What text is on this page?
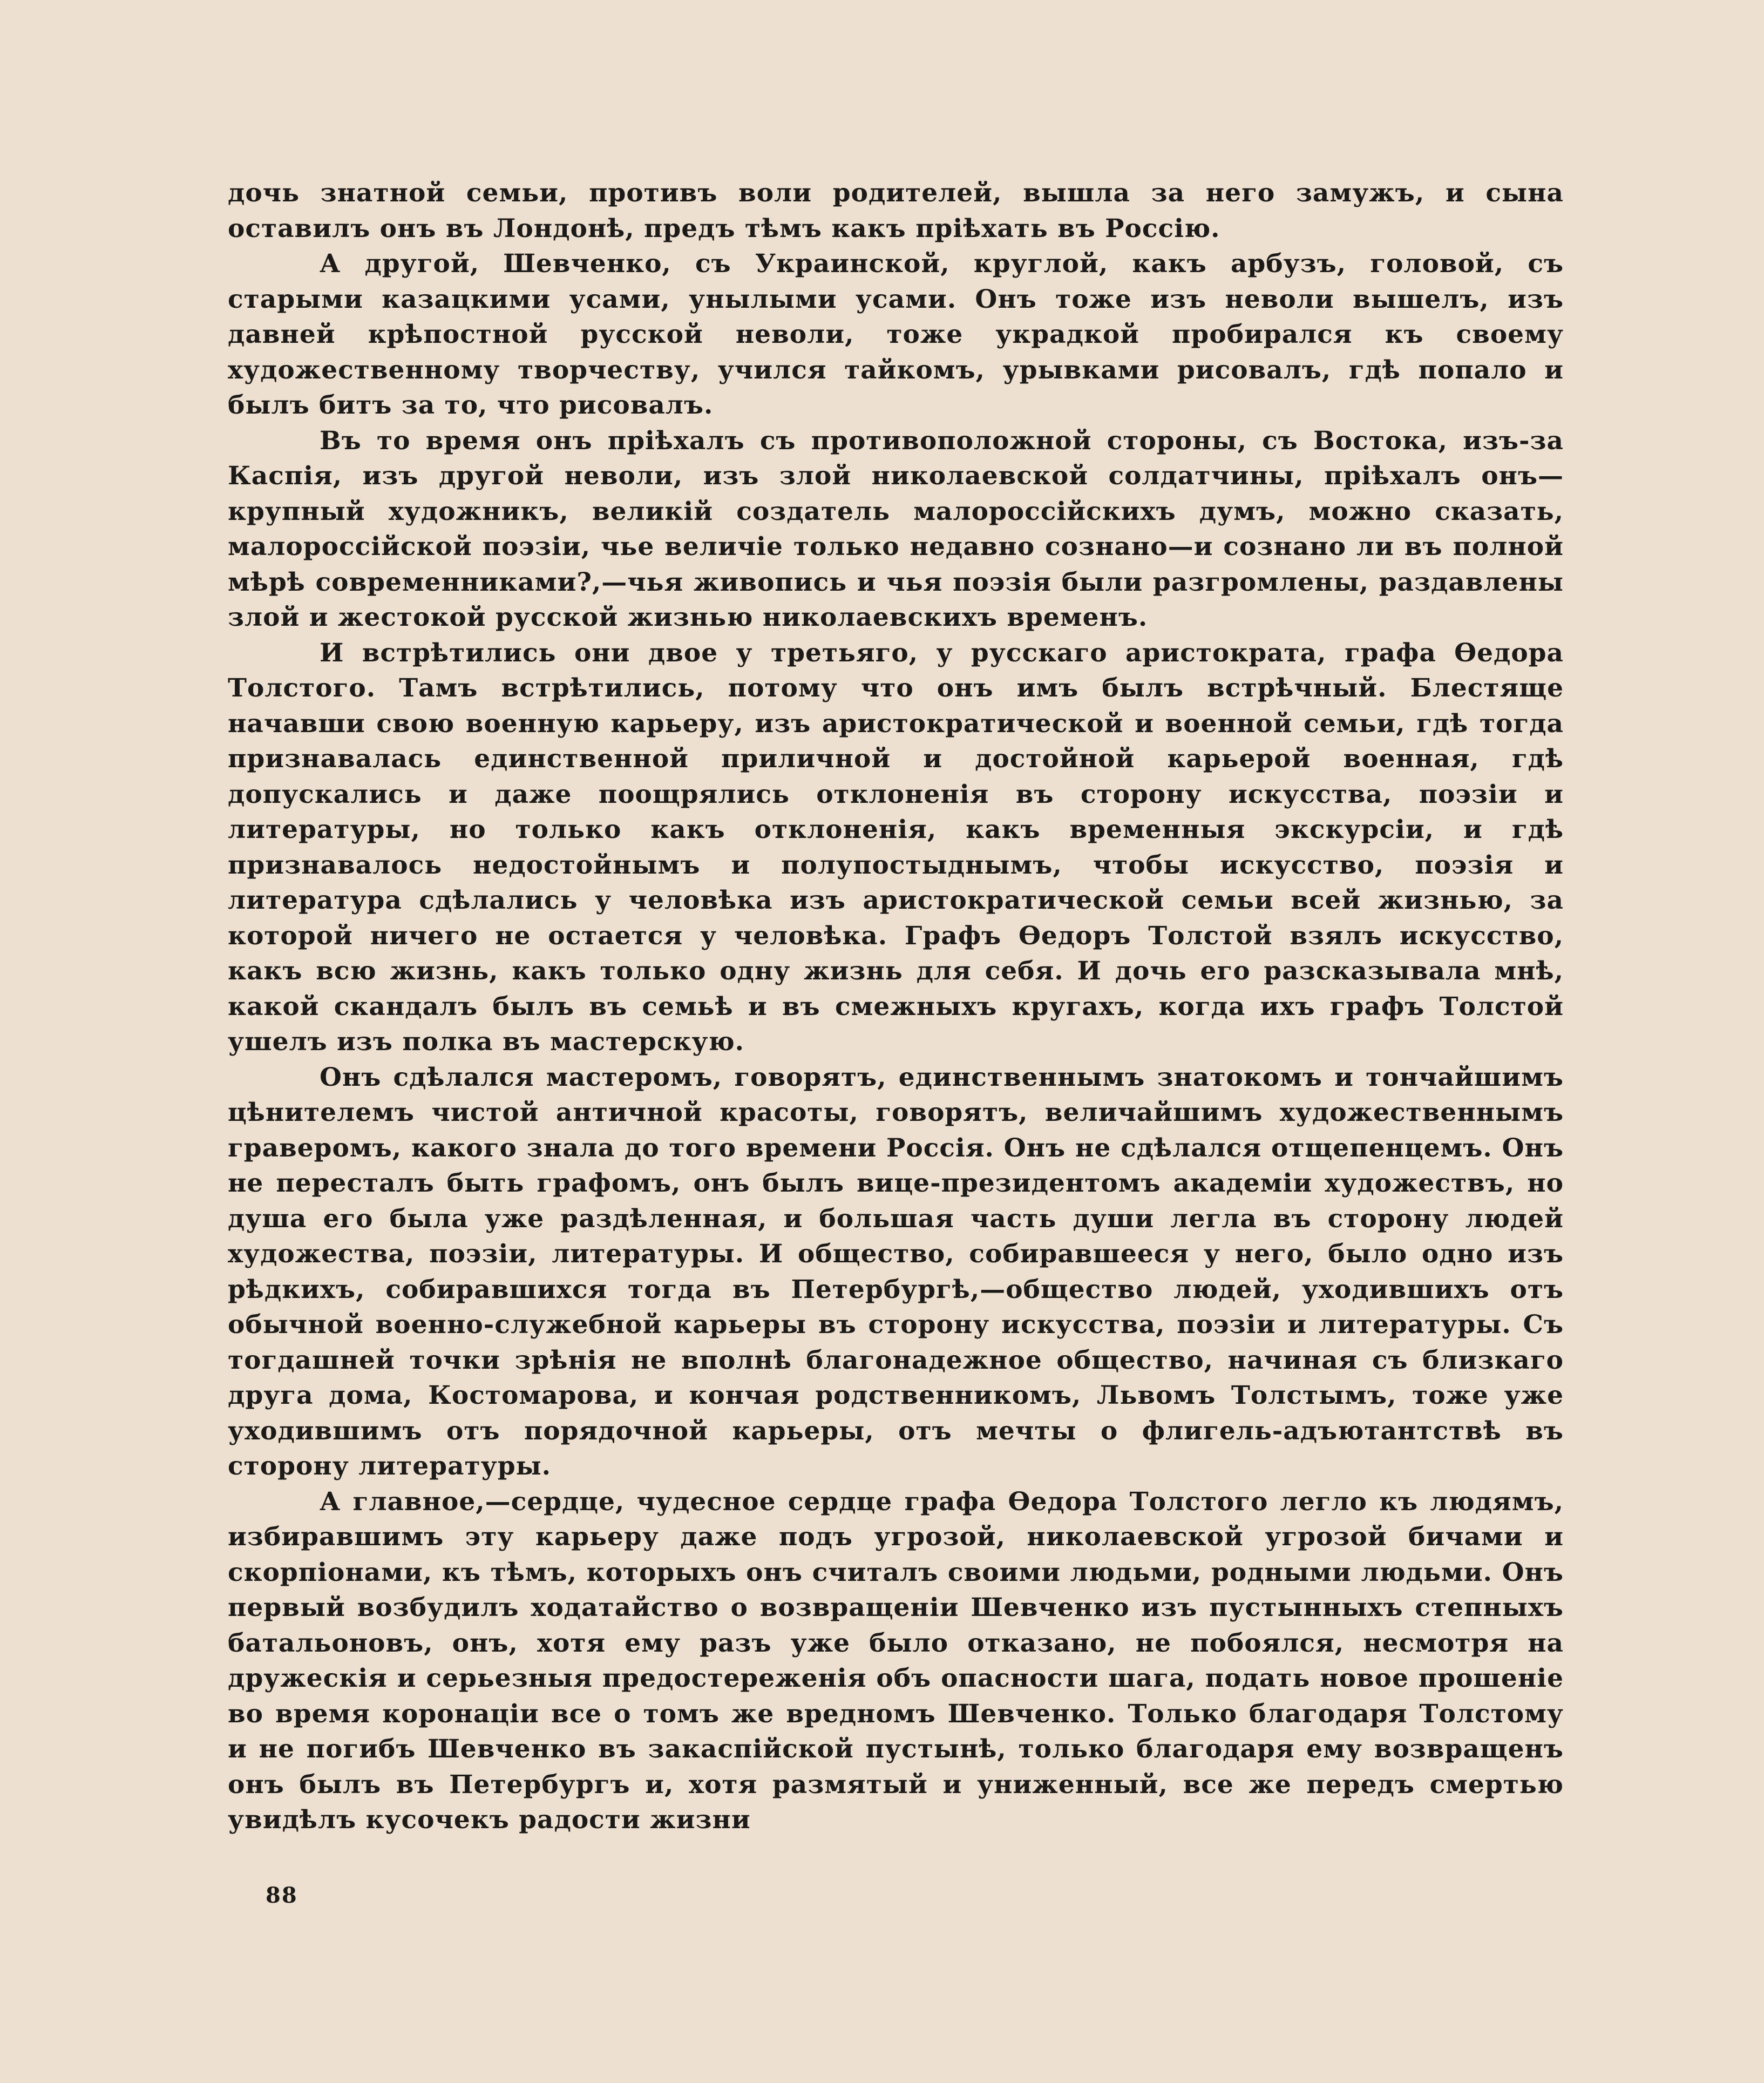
дочь знатной семьи, противъ воли родителей, вышла за него замужъ, и сына оставилъ онъ въ Лондонѣ, предъ тѣмъ какъ пріѣхать въ Россію.

А другой, Шевченко, съ Украинской, круглой, какъ арбузъ, головой, съ старыми казацкими усами, унылыми усами. Онъ тоже изъ неволи вышелъ, изъ давней крѣпостной русской неволи, тоже украдкой пробирался къ своему художественному творчеству, учился тайкомъ, урывками рисовалъ, гдѣ попало и былъ битъ за то, что рисовалъ.

Въ то время онъ пріѣхалъ съ противоположной стороны, съ Востока, изъ-за Каспія, изъ другой неволи, изъ злой николаевской солдатчины, пріѣхалъ онъ— крупный художникъ, великій создатель малороссійскихъ думъ, можно сказать, малороссійской поэзіи, чье величіе только недавно сознано—и сознано ли въ полной мѣрѣ современниками?,—чья живопись и чья поэзія были разгромлены, раздавлены злой и жестокой русской жизнью николаевскихъ временъ.

И встрѣтились они двое у третьяго, у русскаго аристократа, графа Ѳедора Толстого. Тамъ встрѣтились, потому что онъ имъ былъ встрѣчный. Блестяще начавши свою военную карьеру, изъ аристократической и военной семьи, гдѣ тогда признавалась единственной приличной и достойной карьерой военная, гдѣ допускались и даже поощрялись отклоненія въ сторону искусства, поэзіи и литературы, но только какъ отклоненія, какъ временныя экскурсіи, и гдѣ признавалось недостойнымъ и полупостыднымъ, чтобы искусство, поэзія и литература сдѣлались у человѣка изъ аристократической семьи всей жизнью, за которой ничего не остается у человѣка. Графъ Ѳедоръ Толстой взялъ искусство, какъ всю жизнь, какъ только одну жизнь для себя. И дочь его разсказывала мнѣ, какой скандалъ былъ въ семьѣ и въ смежныхъ кругахъ, когда ихъ графъ Толстой ушелъ изъ полка въ мастерскую.

Онъ сдѣлался мастеромъ, говорятъ, единственнымъ знатокомъ и тончайшимъ цѣнителемъ чистой античной красоты, говорятъ, величайшимъ художественнымъ граверомъ, какого знала до того времени Россія. Онъ не сдѣлался отщепенцемъ. Онъ не пересталъ быть графомъ, онъ былъ вице-президентомъ академіи художествъ, но душа его была уже раздѣленная, и большая часть души легла въ сторону людей художества, поэзіи, литературы. И общество, собиравшееся у него, было одно изъ рѣдкихъ, собиравшихся тогда въ Петербургѣ,—общество людей, уходившихъ отъ обычной военно-служебной карьеры въ сторону искусства, поэзіи и литературы. Съ тогдашней точки зрѣнія не вполнѣ благонадежное общество, начиная съ близкаго друга дома, Костомарова, и кончая родственникомъ, Львомъ Толстымъ, тоже уже уходившимъ отъ порядочной карьеры, отъ мечты о флигель-адъютантствѣ въ сторону литературы.

А главное,—сердце, чудесное сердце графа Ѳедора Толстого легло къ людямъ, избиравшимъ эту карьеру даже подъ угрозой, николаевской угрозой бичами и скорпіонами, къ тѣмъ, которыхъ онъ считалъ своими людьми, родными людьми. Онъ первый возбудилъ ходатайство о возвращеніи Шевченко изъ пустынныхъ степныхъ батальоновъ, онъ, хотя ему разъ уже было отказано, не побоялся, несмотря на дружескія и серьезныя предостереженія объ опасности шага, подать новое прошеніе во время коронаціи все о томъ же вредномъ Шевченко. Только благодаря Толстому и не погибъ Шевченко въ закаспійской пустынѣ, только благодаря ему возвращенъ онъ былъ въ Петербургъ и, хотя размятый и униженный, все же передъ смертью увидѣлъ кусочекъ радости жизни

88
